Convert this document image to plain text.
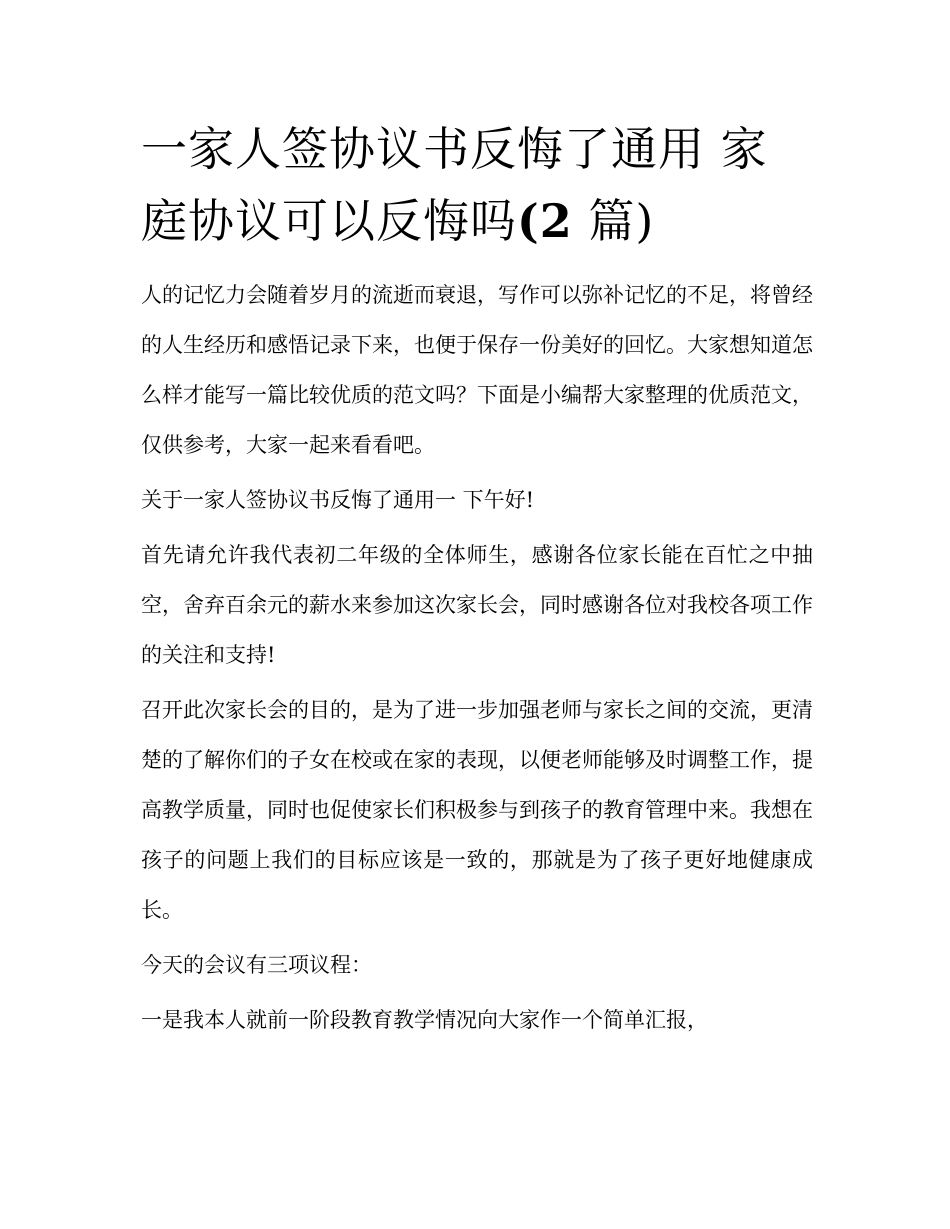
一家人签协议书反悔了通用 家庭协议可以反悔吗(2 篇)

人的记忆力会随着岁月的流逝而衰退，写作可以弥补记忆的不足，将曾经的人生经历和感悟记录下来，也便于保存一份美好的回忆。大家想知道怎么样才能写一篇比较优质的范文吗？下面是小编帮大家整理的优质范文，仅供参考，大家一起来看看吧。

关于一家人签协议书反悔了通用一 下午好!

首先请允许我代表初二年级的全体师生，感谢各位家长能在百忙之中抽空，舍弃百余元的薪水来参加这次家长会，同时感谢各位对我校各项工作的关注和支持!

召开此次家长会的目的，是为了进一步加强老师与家长之间的交流，更清楚的了解你们的子女在校或在家的表现，以便老师能够及时调整工作，提高教学质量，同时也促使家长们积极参与到孩子的教育管理中来。我想在孩子的问题上我们的目标应该是一致的，那就是为了孩子更好地健康成长。

今天的会议有三项议程：

一是我本人就前一阶段教育教学情况向大家作一个简单汇报，
